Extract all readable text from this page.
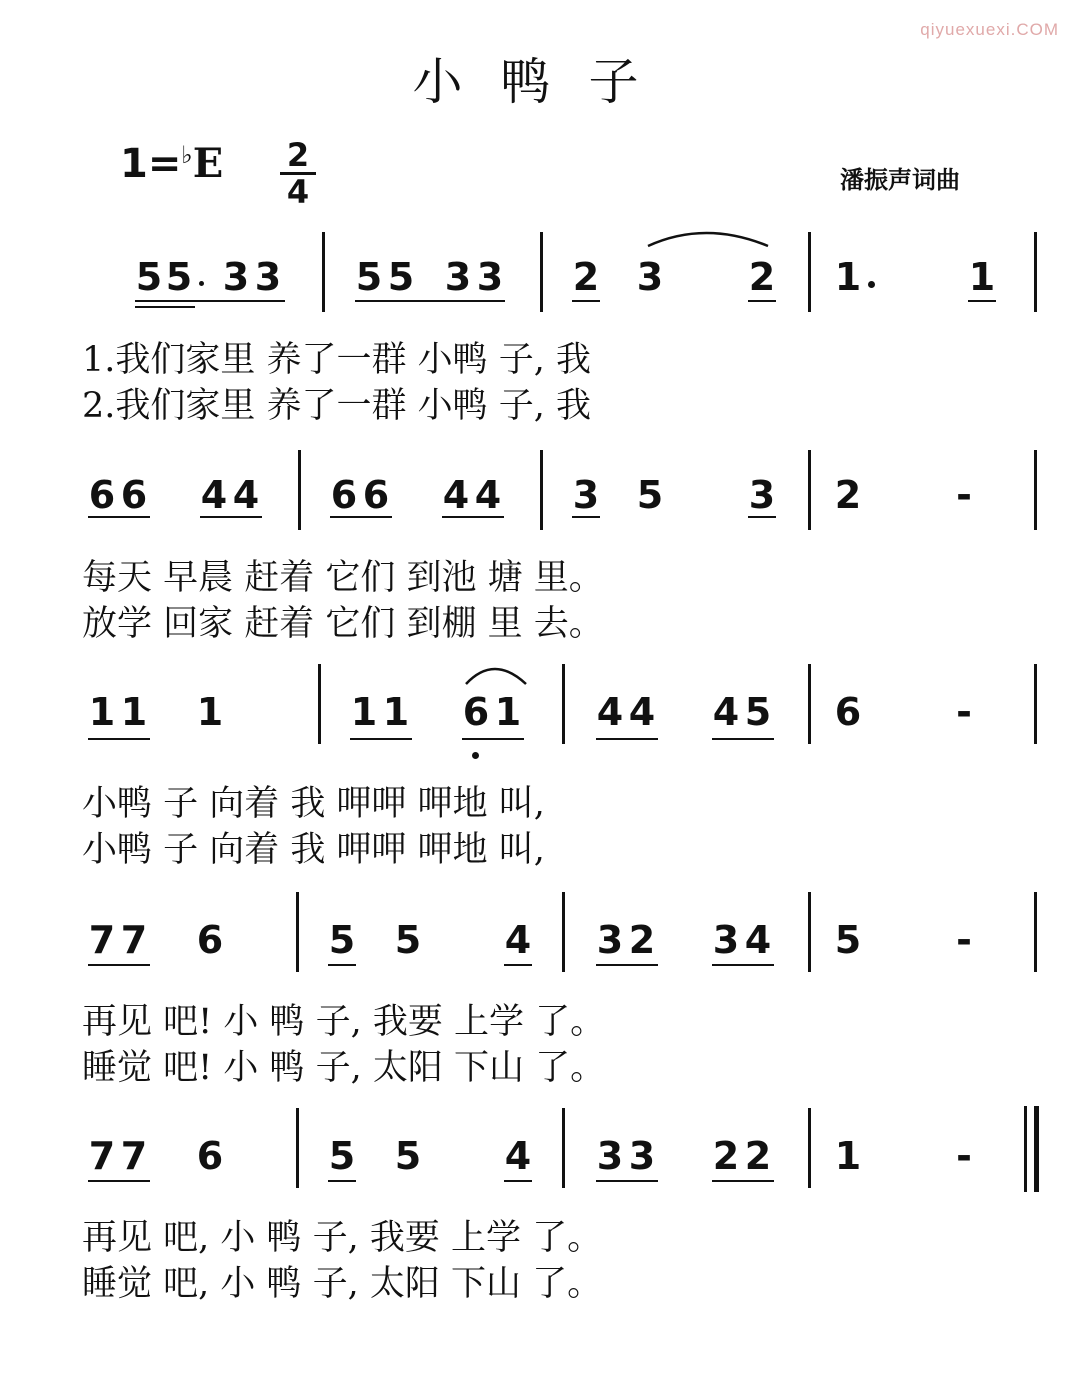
qiyuexuexi.COM
小鸭子
1=♭E 2
4	潘振声词曲
5 5 3 3 5 5 3 3 2 3 2 1	1
1.我们家里 养了一群 小鸭 子, 我
2.我们家里 养了一群 小鸭 子, 我
6 6 4 4 6 6 4 4 3 5 3 2 -
每天 早晨 赶着 它们 到池 塘 里。
放学 回家 赶着 它们 到棚 里 去。
1 1 1	1 1 6 1 4 4 4 5 6 -
小鸭 子 向着 我 呷呷 呷地 叫,
小鸭 子 向着 我 呷呷 呷地 叫,
7 7 6	5 5 4 3 2 3 4 5 -
再见 吧! 小 鸭 子, 我要 上学 了。
睡觉 吧! 小 鸭 子, 太阳 下山 了。
7 7 6	5 5 4 3 3 2 2 1 -
再见 吧, 小 鸭 子, 我要 上学 了。
睡觉 吧, 小 鸭 子, 太阳 下山 了。
